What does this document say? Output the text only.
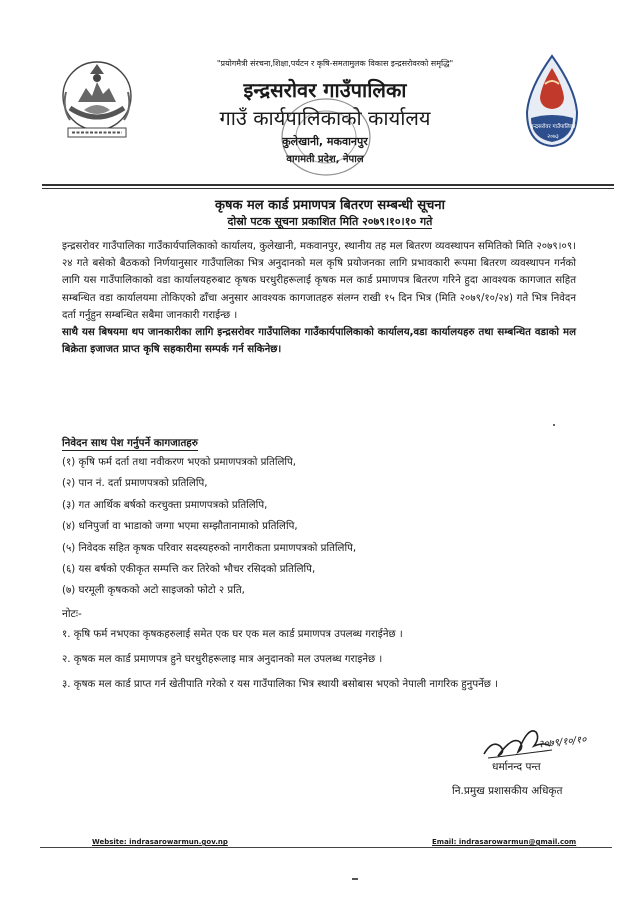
इन्द्रसरोवर गाउँपालिका
२०७३
"प्रयोगमैत्री संरचना,शिक्षा,पर्यटन र कृषि-समतामुलक विकास इन्द्रसरोवरको समृद्धि"
इन्द्रसरोवर गाउँपालिका
गाउँ कार्यपालिकाको कार्यालय
कुलेखानी, मकवानपुर
वागमती प्रदेश, नेपाल
कृषक मल कार्ड प्रमाणपत्र बितरण सम्बन्धी सूचना
दोस्रो पटक सूचना प्रकाशित मिति २०७९।१०।१० गते

इन्द्रसरोवर गाउँपालिका गाउँकार्यपालिकाको कार्यालय, कुलेखानी, मकवानपुर, स्थानीय तह मल बितरण व्यवस्थापन समितिको मिति २०७९।०९।२४ गते बसेको बैठकको निर्णयानुसार गाउँपालिका भित्र अनुदानको मल कृषि प्रयोजनका लागि प्रभावकारी रूपमा बितरण व्यवस्थापन गर्नको लागि यस गाउँपालिकाको वडा कार्यालयहरुबाट कृषक घरधुरीहरूलाई कृषक मल कार्ड प्रमाणपत्र बितरण गरिने हुदा आवश्यक कागजात सहित सम्बन्धित वडा कार्यालयमा तोकिएको ढाँचा अनुसार आवश्यक कागजातहरु संलग्न राखी १५ दिन भित्र (मिति २०७९/१०/२४) गते भित्र निवेदन दर्ता गर्नुहुन सम्बन्धित सबैमा जानकारी गराईन्छ ।

साथै यस बिषयमा थप जानकारीका लागि इन्द्रसरोवर गाउँपालिका गाउँकार्यपालिकाको कार्यालय,वडा कार्यालयहरु तथा सम्बन्धित वडाको मल बिक्रेता इजाजत प्राप्त कृषि सहकारीमा सम्पर्क गर्न सकिनेछ।

निवेदन साथ पेश गर्नुपर्ने कागजातहरु
(१) कृषि फर्म दर्ता तथा नवीकरण भएको प्रमाणपत्रको प्रतिलिपि,
(२) पान नं. दर्ता प्रमाणपत्रको प्रतिलिपि,
(३) गत आर्थिक बर्षको करचुक्ता प्रमाणपत्रको प्रतिलिपि,
(४) धनिपुर्जा वा भाडाको जग्गा भएमा सम्झौतानामाको प्रतिलिपि,
(५) निवेदक सहित कृषक परिवार सदस्यहरुको नागरीकता प्रमाणपत्रको प्रतिलिपि,
(६) यस बर्षको एकीकृत सम्पत्ति कर तिरेको भौचर रसिदको प्रतिलिपि,
(७) घरमूली कृषकको अटो साइजको फोटो २ प्रति,
नोटः-

१. कृषि फर्म नभएका कृषकहरुलाई समेत एक घर एक मल कार्ड प्रमाणपत्र उपलब्ध गराईनेछ ।

२. कृषक मल कार्ड प्रमाणपत्र हुने घरधुरीहरूलाइ मात्र अनुदानको मल उपलब्ध गराइनेछ ।

३. कृषक मल कार्ड प्राप्त गर्न खेतीपाति गरेको र यस गाउँपालिका भित्र स्थायी बसोबास भएको नेपाली नागरिक हुनुपर्नेछ ।

२०७९/१०/१०
धर्मानन्द पन्त
नि.प्रमुख प्रशासकीय अधिकृत
Website: indrasarowarmun.gov.np	Email: indrasarowarmun@gmail.com
